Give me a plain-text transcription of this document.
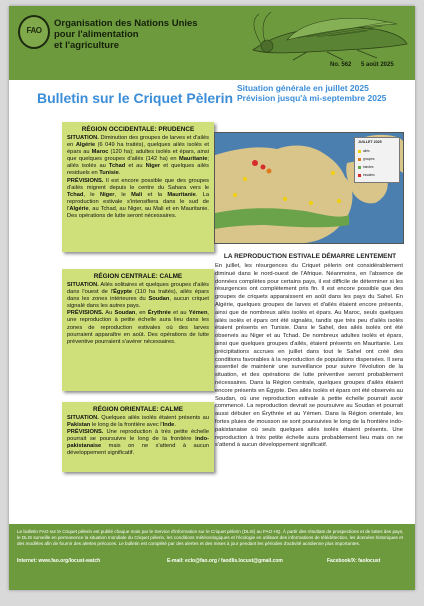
FAO
Organisation des Nations Unies
pour l'alimentation
et l'agriculture
No. 562 5 août 2025
Bulletin sur le Criquet Pèlerin
Situation générale en juillet 2025
Prévision jusqu'à mi-septembre 2025
RÉGION OCCIDENTALE: PRUDENCE

SITUATION. Diminution des groupes de larves et d'ailés en Algérie (6 049 ha traités), quelques ailés isolés et épars au Maroc (120 ha); adultes isolés et épars, ainsi que quelques groupes d'ailés (142 ha) en Mauritanie; ailés isolés au Tchad et au Niger et quelques ailés residuels en Tunisie.
PRÉVISIONS. Il est encore possible que des groupes d'ailés migrent depuis le centre du Sahara vers le Tchad, le Niger, le Mali et la Mauritanie. La reproduction estivale s'intensifiera dans le sud de l'Algérie, au Tchad, au Niger, au Mali et en Mauritanie. Des opérations de lutte seront nécessaires.

JUILLET 2025
ailés
groupes
bandes
essaims
RÉGION CENTRALE: CALME

SITUATION. Ailés solitaires et quelques groupes d'ailés dans l'ouest de l'Égypte (110 ha traités), ailés épars dans les zones intérieures du Soudan, aucun criquet signalé dans les autres pays.
PRÉVISIONS. Au Soudan, en Érythrée et au Yémen, une reproduction à petite échelle aura lieu dans les zones de reproduction estivales où des larves pourraient apparaître en août. Des opérations de lutte préventive pourraient s'avérer nécessaires.

RÉGION ORIENTALE: CALME

SITUATION. Quelques ailés isolés étaient présents au Pakistan le long de la frontière avec l'Inde.
PRÉVISIONS. Une reproduction à très petite échelle pourrait se poursuivre le long de la frontière indo-pakistanaise mais on ne s'attend à aucun développement significatif.

LA REPRODUCTION ESTIVALE DÉMARRE LENTEMENT
En juillet, les résurgences du Criquet pèlerin ont considérablement diminué dans le nord-ouest de l'Afrique. Néanmoins, en l'absence de données complètes pour certains pays, il est difficile de déterminer si les résurgences ont complètement pris fin. Il est encore possible que des groupes de criquets apparaissent en août dans les pays du Sahel. En Algérie, quelques groupes de larves et d'ailés étaient encore présents, ainsi que de nombreux ailés isolés et épars. Au Maroc, seuls quelques ailés isolés et épars ont été signalés, tandis que très peu d'ailés isolés étaient présents en Tunisie. Dans le Sahel, des ailés isolés ont été observés au Niger et au Tchad. De nombreux adultes isolés et épars, ainsi que quelques groupes d'ailés, étaient présents en Mauritanie. Les précipitations accrues en juillet dans tout le Sahel ont créé des conditions favorables à la reproduction de populations dispersées. Il sera essentiel de maintenir une surveillance pour suivre l'évolution de la situation, et des opérations de lutte préventive seront probablement nécessaires. Dans la Région centrale, quelques groupes d'ailés étaient encore présents en Égypte. Des ailés isolés et épars ont été observés au Soudan, où une reproduction estivale à petite échelle pourrait avoir commencé. La reproduction devrait se poursuivre au Soudan et pourrait aussi débuter en Érythrée et au Yémen. Dans la Région orientale, les fortes pluies de mousson se sont poursuivies le long de la frontière indo-pakistanaise où seuls quelques ailés isolés étaient présents. Une reproduction à très petite échelle aura probablement lieu mais on ne s'attend à aucun développement significatif.

Le bulletin FAO sur le Criquet pèlerin est publié chaque mois par le Service d'information sur le Criquet pèlerin (DLIS) au FAO HQ. À partir des résultats de prospections et de luttes des pays, le DLIS surveille en permanence la situation mondiale du Criquet pèlerin, les conditions météorologiques et l'écologie en utilisant des informations de télédétection, les données historiques et des modèles afin de fournir des alertes précoces. Le bulletin est complété par des alertes et des mises à jour pendant les périodes d'activité acridienne plus importantes.

Internet: www.fao.org/locust-watch	E-mail: eclo@fao.org / faodlis.locust@gmail.com	Facebook/X: faolocust
